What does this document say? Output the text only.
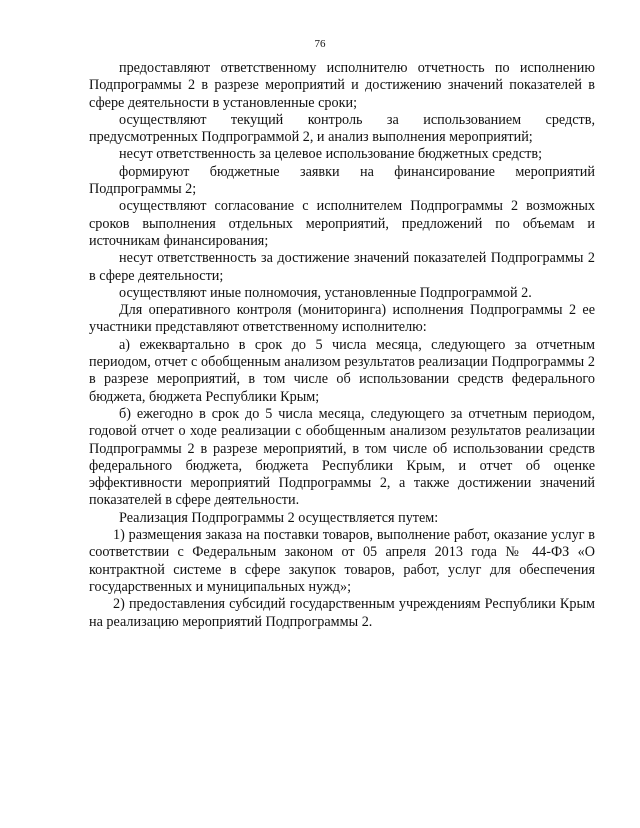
76

предоставляют ответственному исполнителю отчетность по исполнению Подпрограммы 2 в разрезе мероприятий и достижению значений показателей в сфере деятельности в установленные сроки;

осуществляют текущий контроль за использованием средств, предусмотренных Подпрограммой 2, и анализ выполнения мероприятий;

несут ответственность за целевое использование бюджетных средств;

формируют бюджетные заявки на финансирование мероприятий Подпрограммы 2;

осуществляют согласование с исполнителем Подпрограммы 2 возможных сроков выполнения отдельных мероприятий, предложений по объемам и источникам финансирования;

несут ответственность за достижение значений показателей Подпрограммы 2 в сфере деятельности;

осуществляют иные полномочия, установленные Подпрограммой 2.

Для оперативного контроля (мониторинга) исполнения Подпрограммы 2 ее участники представляют ответственному исполнителю:

а) ежеквартально в срок до 5 числа месяца, следующего за отчетным периодом, отчет с обобщенным анализом результатов реализации Подпрограммы 2 в разрезе мероприятий, в том числе об использовании средств федерального бюджета, бюджета Республики Крым;

б) ежегодно в срок до 5 числа месяца, следующего за отчетным периодом, годовой отчет о ходе реализации с обобщенным анализом результатов реализации Подпрограммы 2 в разрезе мероприятий, в том числе об использовании средств федерального бюджета, бюджета Республики Крым, и отчет об оценке эффективности мероприятий Подпрограммы 2, а также достижении значений показателей в сфере деятельности.

Реализация Подпрограммы 2 осуществляется путем:

1) размещения заказа на поставки товаров, выполнение работ, оказание услуг в соответствии с Федеральным законом от 05 апреля 2013 года № 44-ФЗ «О контрактной системе в сфере закупок товаров, работ, услуг для обеспечения государственных и муниципальных нужд»;

2) предоставления субсидий государственным учреждениям Республики Крым на реализацию мероприятий Подпрограммы 2.
